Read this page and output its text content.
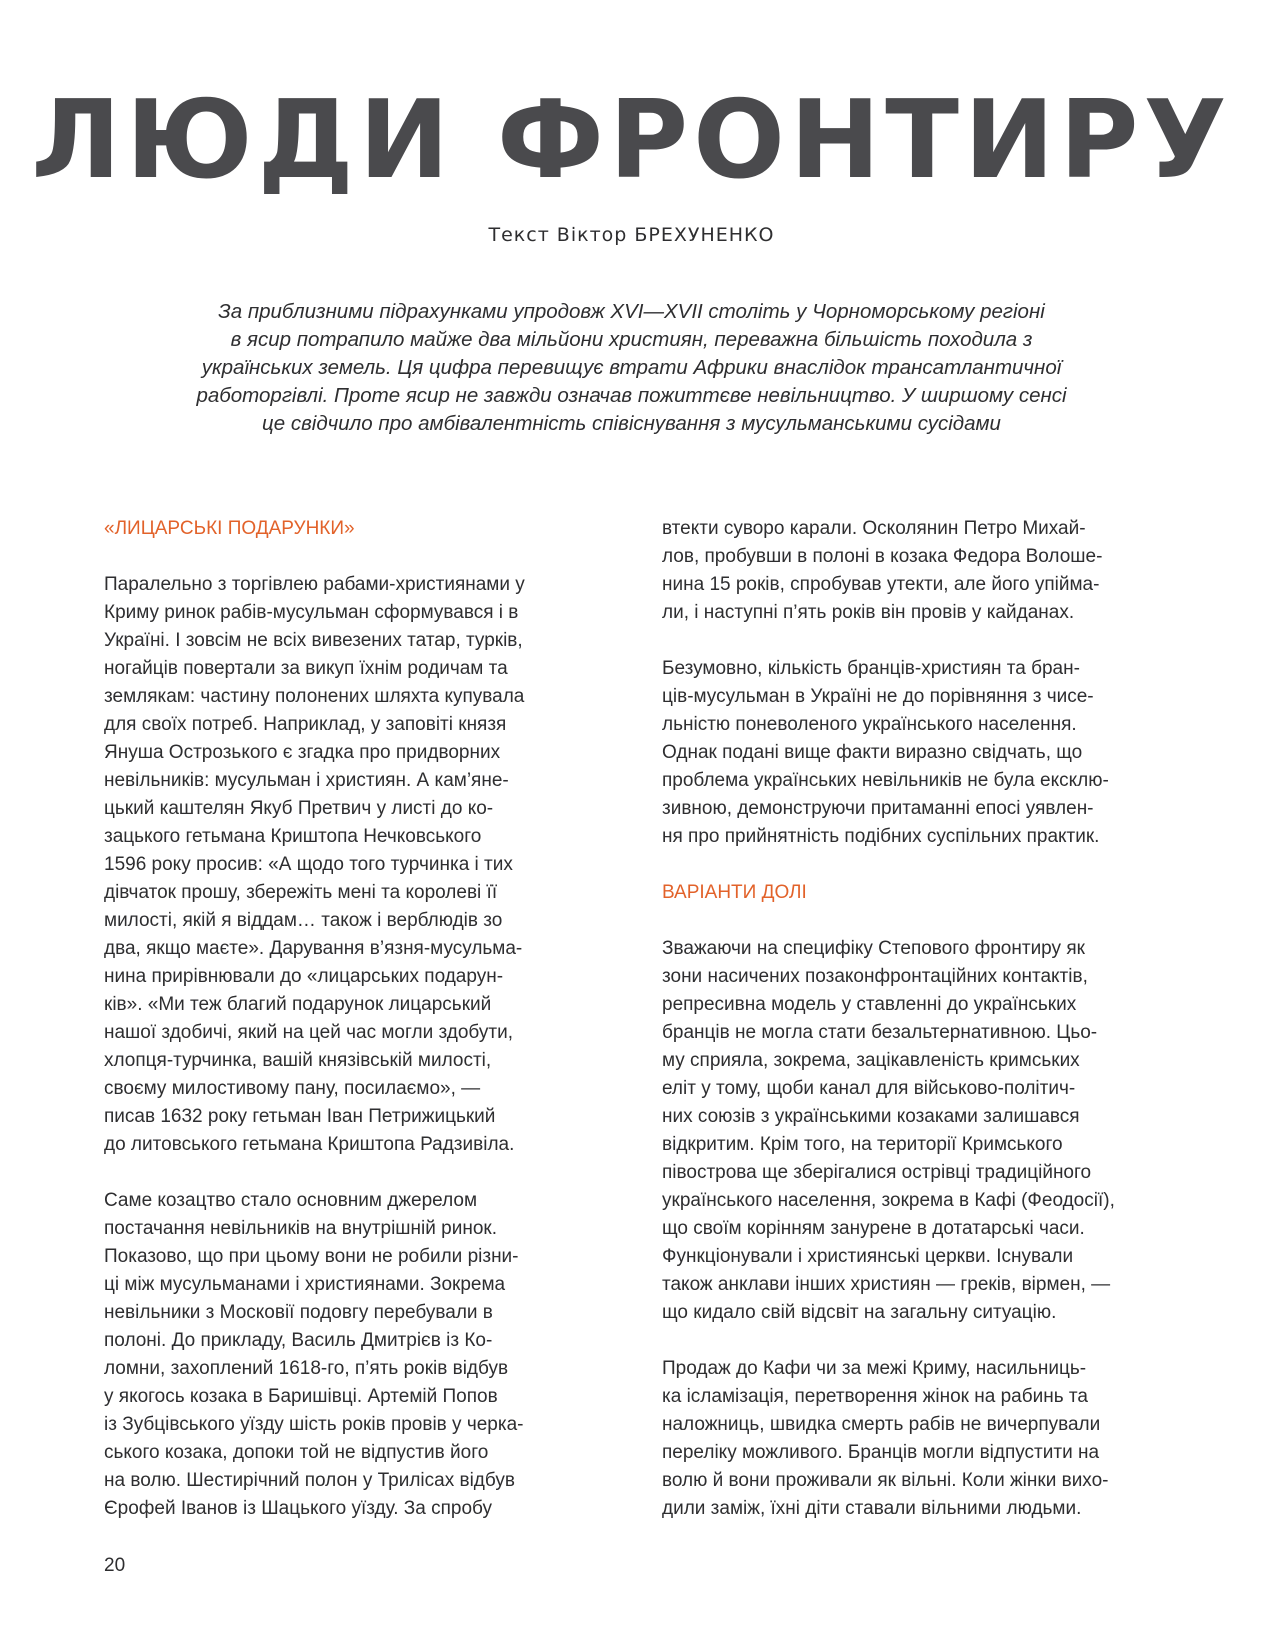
ЛЮДИ ФРОНТИРУ
Текст Віктор БРЕХУНЕНКО
За приблизними підрахунками упродовж XVI—XVII століть у Чорноморському регіоні
в ясир потрапило майже два мільйони християн, переважна більшість походила з
українських земель. Ця цифра перевищує втрати Африки внаслідок трансатлантичної
работоргівлі. Проте ясир не завжди означав пожиттєве невільництво. У ширшому сенсі
це свідчило про амбівалентність співіснування з мусульманськими сусідами
«ЛИЦАРСЬКІ ПОДАРУНКИ»
Паралельно з торгівлею рабами-християнами у
Криму ринок рабів-мусульман сформувався і в
Україні. І зовсім не всіх вивезених татар, турків,
ногайців повертали за викуп їхнім родичам та
землякам: частину полонених шляхта купувала
для своїх потреб. Наприклад, у заповіті князя
Януша Острозького є згадка про придворних
невільників: мусульман і християн. А кам’яне-
цький каштелян Якуб Претвич у листі до ко-
зацького гетьмана Криштопа Нечковського
1596 року просив: «А щодо того турчинка і тих
дівчаток прошу, збережіть мені та королеві її
милості, якій я віддам… також і верблюдів зо
два, якщо маєте». Дарування в’язня-мусульма-
нина прирівнювали до «лицарських подарун-
ків». «Ми теж благий подарунок лицарський
нашої здобичі, який на цей час могли здобути,
хлопця-турчинка, вашій князівській милості,
своєму милостивому пану, посилаємо», —
писав 1632 року гетьман Іван Петрижицький
до литовського гетьмана Криштопа Радзивіла.
Саме козацтво стало основним джерелом
постачання невільників на внутрішній ринок.
Показово, що при цьому вони не робили різни-
ці між мусульманами і християнами. Зокрема
невільники з Московії подовгу перебували в
полоні. До прикладу, Василь Дмитрієв із Ко-
ломни, захоплений 1618-го, п’ять років відбув
у якогось козака в Баришівці. Артемій Попов
із Зубцівського уїзду шість років провів у черка-
ського козака, допоки той не відпустив його
на волю. Шестирічний полон у Трилісах відбув
Єрофей Іванов із Шацького уїзду. За спробу
втекти суворо карали. Осколянин Петро Михай-
лов, пробувши в полоні в козака Федора Волоше-
нина 15 років, спробував утекти, але його упійма-
ли, і наступні п’ять років він провів у кайданах.
Безумовно, кількість бранців-християн та бран-
ців-мусульман в Україні не до порівняння з чисе-
льністю поневоленого українського населення.
Однак подані вище факти виразно свідчать, що
проблема українських невільників не була ексклю-
зивною, демонструючи притаманні епосі уявлен-
ня про прийнятність подібних суспільних практик.
ВАРІАНТИ ДОЛІ
Зважаючи на специфіку Степового фронтиру як
зони насичених позаконфронтаційних контактів,
репресивна модель у ставленні до українських
бранців не могла стати безальтернативною. Цьо-
му сприяла, зокрема, зацікавленість кримських
еліт у тому, щоби канал для військово-політич-
них союзів з українськими козаками залишався
відкритим. Крім того, на території Кримського
півострова ще зберігалися острівці традиційного
українського населення, зокрема в Кафі (Феодосії),
що своїм корінням занурене в дотатарські часи.
Функціонували і християнські церкви. Існували
також анклави інших християн — греків, вірмен, —
що кидало свій відсвіт на загальну ситуацію.
Продаж до Кафи чи за межі Криму, насильниць-
ка ісламізація, перетворення жінок на рабинь та
наложниць, швидка смерть рабів не вичерпували
переліку можливого. Бранців могли відпустити на
волю й вони проживали як вільні. Коли жінки вихо-
дили заміж, їхні діти ставали вільними людьми.
20
